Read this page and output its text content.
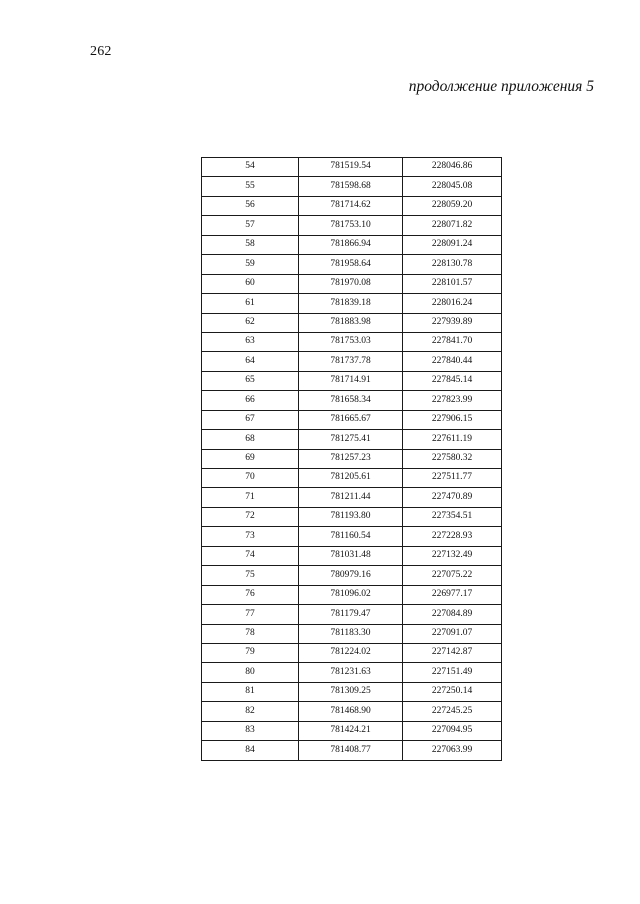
262
продолжение приложения 5
54	781519.54	228046.86
55	781598.68	228045.08
56	781714.62	228059.20
57	781753.10	228071.82
58	781866.94	228091.24
59	781958.64	228130.78
60	781970.08	228101.57
61	781839.18	228016.24
62	781883.98	227939.89
63	781753.03	227841.70
64	781737.78	227840.44
65	781714.91	227845.14
66	781658.34	227823.99
67	781665.67	227906.15
68	781275.41	227611.19
69	781257.23	227580.32
70	781205.61	227511.77
71	781211.44	227470.89
72	781193.80	227354.51
73	781160.54	227228.93
74	781031.48	227132.49
75	780979.16	227075.22
76	781096.02	226977.17
77	781179.47	227084.89
78	781183.30	227091.07
79	781224.02	227142.87
80	781231.63	227151.49
81	781309.25	227250.14
82	781468.90	227245.25
83	781424.21	227094.95
84	781408.77	227063.99
